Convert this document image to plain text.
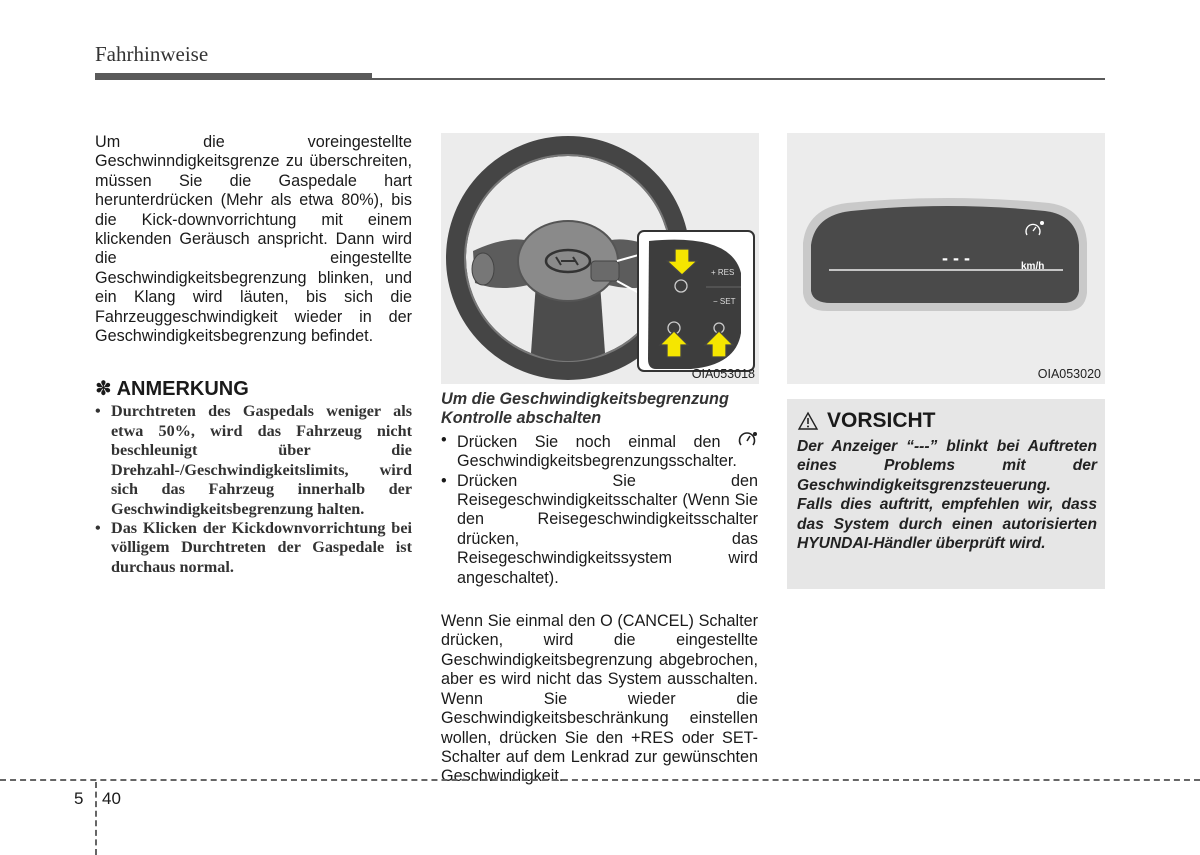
Fahrhinweise

Um die voreingestellte Geschwinndigkeitsgrenze zu überschreiten, müssen Sie die Gaspedale hart herunterdrücken (Mehr als etwa 80%), bis die Kick-downvorrichtung mit einem klickenden Geräusch anspricht. Dann wird die eingestellte Geschwindigkeitsbegrenzung blinken, und ein Klang wird läuten, bis sich die Fahrzeuggeschwindigkeit wieder in der Geschwindigkeitsbegrenzung befindet.

✽ ANMERKUNG
• Durchtreten des Gaspedals weniger als etwa 50%, wird das Fahrzeug nicht beschleunigt über die Drehzahl-/Geschwindigkeitslimits, wird sich das Fahrzeug innerhalb der Geschwindigkeitsbegrenzung halten.
• Das Klicken der Kickdownvorrichtung bei völligem Durchtreten der Gaspedale ist durchaus normal.
+ RES
− SET
OIA053018
- - -	km/h
OIA053020

Um die Geschwindigkeitsbegrenzung Kontrolle abschalten

• Drücken Sie noch einmal den  Geschwindigkeitsbegrenzungsschalter.
• Drücken Sie den Reisegeschwindigkeitsschalter (Wenn Sie den Reisegeschwindigkeitsschalter drücken, das Reisegeschwindigkeitssystem wird angeschaltet).

Wenn Sie einmal den O (CANCEL) Schalter drücken, wird die eingestellte Geschwindigkeitsbegrenzung abgebrochen, aber es wird nicht das System ausschalten. Wenn Sie wieder die Geschwindigkeitsbeschränkung einstellen wollen, drücken Sie den +RES oder SET-Schalter auf dem Lenkrad zur gewünschten Geschwindigkeit.

VORSICHT

Der Anzeiger “---” blinkt bei Auftreten eines Problems mit der Geschwindigkeitsgrenzsteuerung.

Falls dies auftritt, empfehlen wir, dass das System durch einen autorisierten HYUNDAI-Händler überprüft wird.

5 40
